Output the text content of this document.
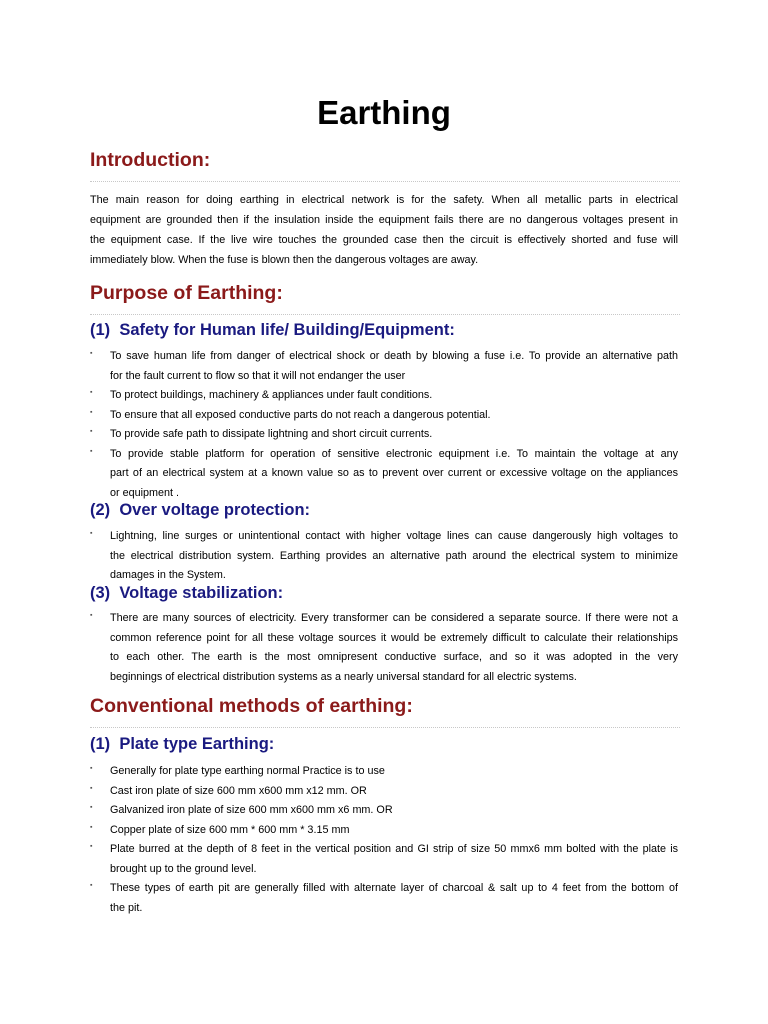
Earthing
Introduction:
The main reason for doing earthing in electrical network is for the safety. When all metallic parts in electrical
equipment are grounded then if the insulation inside the equipment fails there are no dangerous voltages present in
the equipment case. If the live wire touches the grounded case then the circuit is effectively shorted and fuse will
immediately blow. When the fuse is blown then the dangerous voltages are away.
Purpose of Earthing:
(1)  Safety for Human life/ Building/Equipment:
▪	To save human life from danger of electrical shock or death by blowing a fuse i.e. To provide an alternative path
for the fault current to flow so that it will not endanger the user
▪	To protect buildings, machinery & appliances under fault conditions.
▪	To ensure that all exposed conductive parts do not reach a dangerous potential.
▪	To provide safe path to dissipate lightning and short circuit currents.
▪	To provide stable platform for operation of sensitive electronic equipment i.e. To maintain the voltage at any
part of an electrical system at a known value so as to prevent over current or excessive voltage on the appliances
or equipment .
(2)  Over voltage protection:
▪	Lightning, line surges or unintentional contact with higher voltage lines can cause dangerously high voltages to
the electrical distribution system. Earthing provides an alternative path around the electrical system to minimize
damages in the System.
(3)  Voltage stabilization:
▪	There are many sources of electricity. Every transformer can be considered a separate source. If there were not a
common reference point for all these voltage sources it would be extremely difficult to calculate their relationships
to each other. The earth is the most omnipresent conductive surface, and so it was adopted in the very
beginnings of electrical distribution systems as a nearly universal standard for all electric systems.
Conventional methods of earthing:
(1)  Plate type Earthing:
▪	Generally for plate type earthing normal Practice is to use
▪	Cast iron plate of size 600 mm x600 mm x12 mm. OR
▪	Galvanized iron plate of size 600 mm x600 mm x6 mm. OR
▪	Copper plate of size 600 mm * 600 mm * 3.15 mm
▪	Plate burred at the depth of 8 feet in the vertical position and GI strip of size 50 mmx6 mm bolted with the plate is
brought up to the ground level.
▪	These types of earth pit are generally filled with alternate layer of charcoal & salt up to 4 feet from the bottom of
the pit.
